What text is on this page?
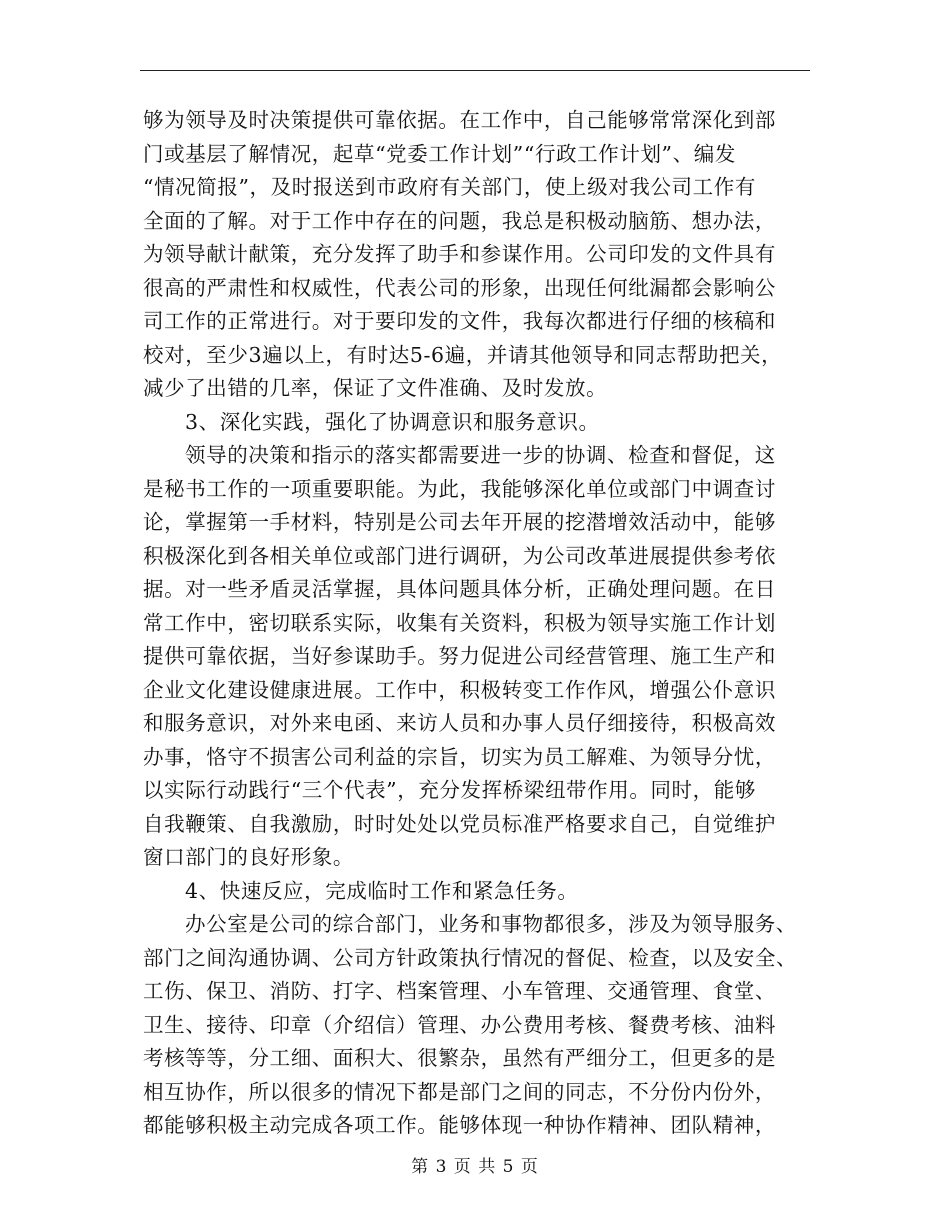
够为领导及时决策提供可靠依据。在工作中，自己能够常常深化到部
门或基层了解情况，起草“党委工作计划”“行政工作计划”、编发
“情况简报”，及时报送到市政府有关部门，使上级对我公司工作有
全面的了解。对于工作中存在的问题，我总是积极动脑筋、想办法，
为领导献计献策，充分发挥了助手和参谋作用。公司印发的文件具有
很高的严肃性和权威性，代表公司的形象，出现任何纰漏都会影响公
司工作的正常进行。对于要印发的文件，我每次都进行仔细的核稿和
校对，至少3遍以上，有时达5-6遍，并请其他领导和同志帮助把关，
减少了出错的几率，保证了文件准确、及时发放。
3、深化实践，强化了协调意识和服务意识。
领导的决策和指示的落实都需要进一步的协调、检查和督促，这
是秘书工作的一项重要职能。为此，我能够深化单位或部门中调查讨
论，掌握第一手材料，特别是公司去年开展的挖潜增效活动中，能够
积极深化到各相关单位或部门进行调研，为公司改革进展提供参考依
据。对一些矛盾灵活掌握，具体问题具体分析，正确处理问题。在日
常工作中，密切联系实际，收集有关资料，积极为领导实施工作计划
提供可靠依据，当好参谋助手。努力促进公司经营管理、施工生产和
企业文化建设健康进展。工作中，积极转变工作作风，增强公仆意识
和服务意识，对外来电函、来访人员和办事人员仔细接待，积极高效
办事，恪守不损害公司利益的宗旨，切实为员工解难、为领导分忧，
以实际行动践行“三个代表”，充分发挥桥梁纽带作用。同时，能够
自我鞭策、自我激励，时时处处以党员标准严格要求自己，自觉维护
窗口部门的良好形象。
4、快速反应，完成临时工作和紧急任务。
办公室是公司的综合部门，业务和事物都很多，涉及为领导服务、
部门之间沟通协调、公司方针政策执行情况的督促、检查，以及安全、
工伤、保卫、消防、打字、档案管理、小车管理、交通管理、食堂、
卫生、接待、印章（介绍信）管理、办公费用考核、餐费考核、油料
考核等等，分工细、面积大、很繁杂，虽然有严细分工，但更多的是
相互协作，所以很多的情况下都是部门之间的同志，不分份内份外，
都能够积极主动完成各项工作。能够体现一种协作精神、团队精神，
第 3 页 共 5 页
